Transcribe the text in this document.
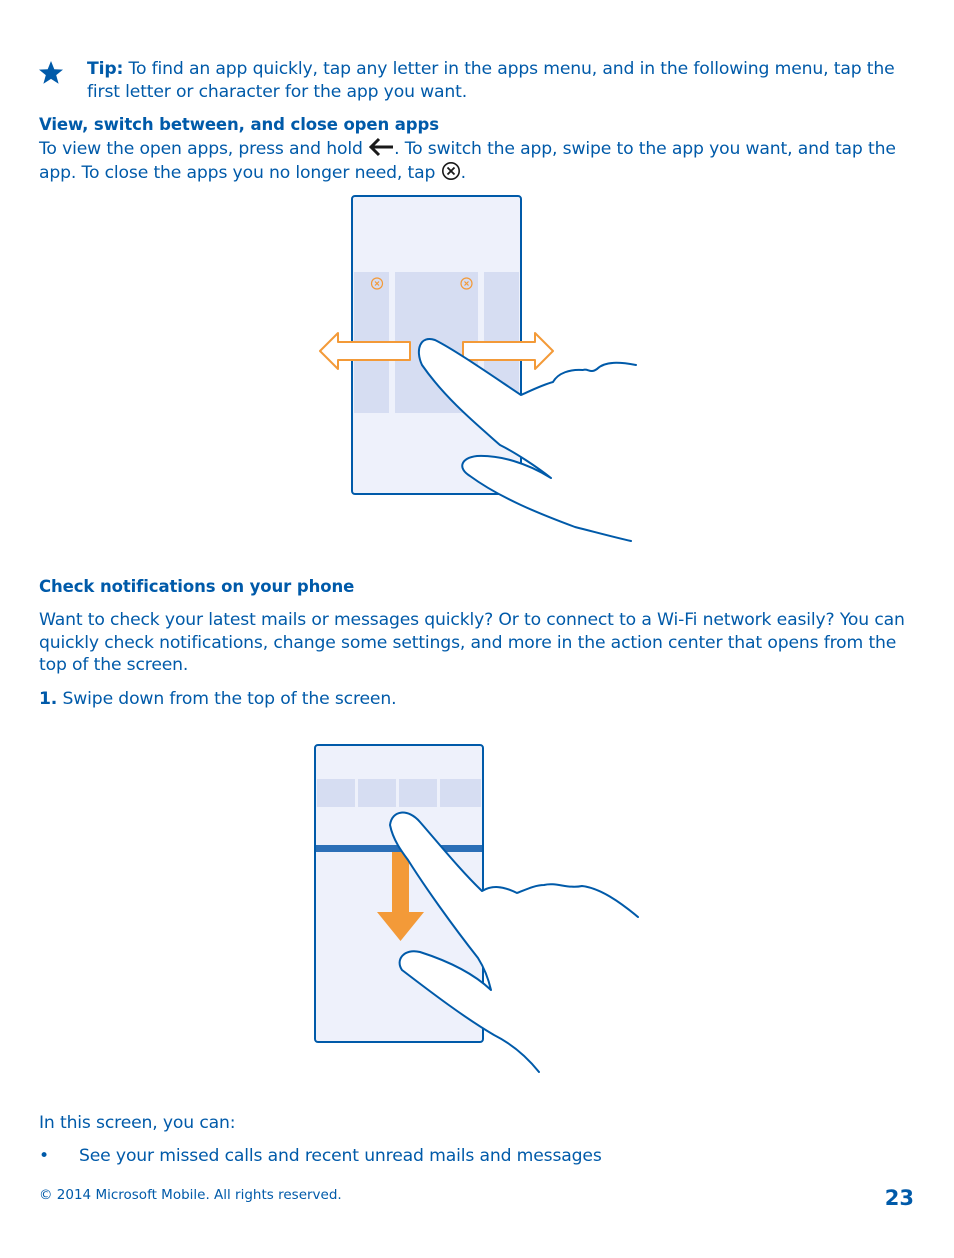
Tip: To find an app quickly, tap any letter in the apps menu, and in the following menu, tap the first letter or character for the app you want.
View, switch between, and close open apps
To view the open apps, press and hold
. To switch the app, swipe to the app you want, and tap the app. To close the apps you no longer need, tap
.
Check notifications on your phone
Want to check your latest mails or messages quickly? Or to connect to a Wi-Fi network easily? You can quickly check notifications, change some settings, and more in the action center that opens from the top of the screen.
1. Swipe down from the top of the screen.
In this screen, you can:
• See your missed calls and recent unread mails and messages
© 2014 Microsoft Mobile. All rights reserved.	23
